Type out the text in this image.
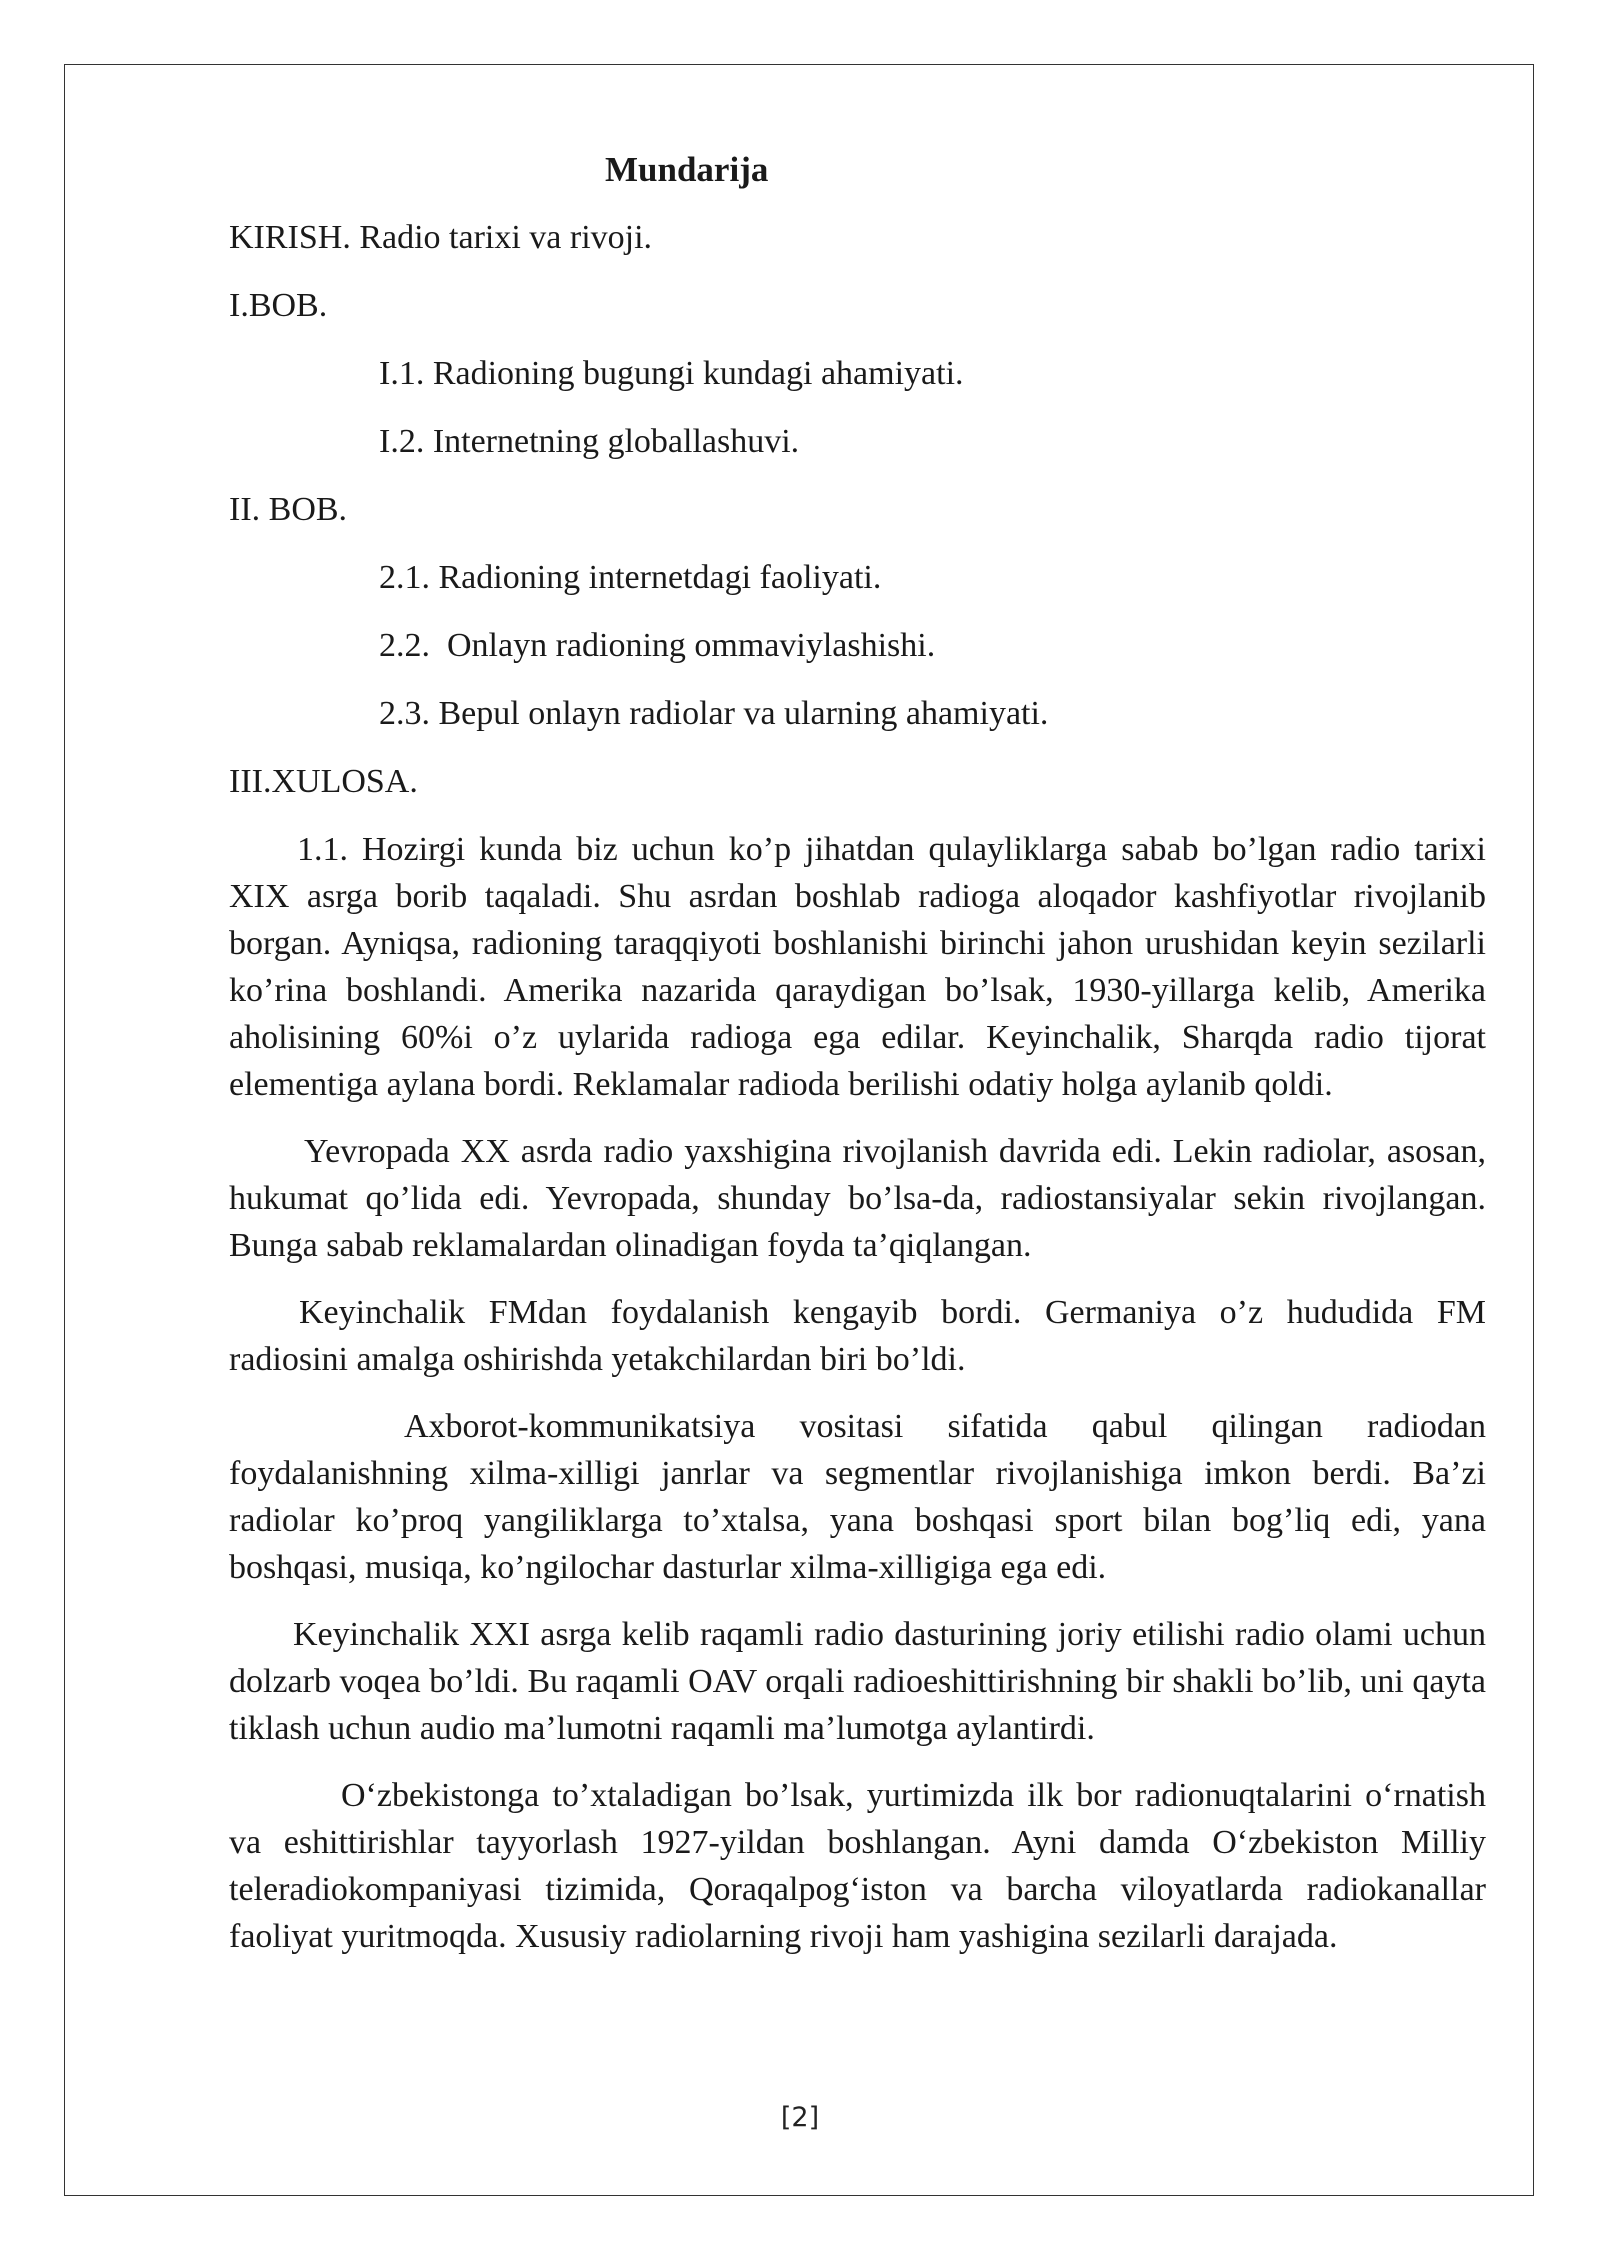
Mundarija
KIRISH. Radio tarixi va rivoji.
I.BOB.
I.1. Radioning bugungi kundagi ahamiyati.
I.2. Internetning globallashuvi.
II. BOB.
2.1. Radioning internetdagi faoliyati.
2.2.  Onlayn radioning ommaviylashishi.
2.3. Bepul onlayn radiolar va ularning ahamiyati.
III.XULOSA.

1.1. Hozirgi kunda biz uchun ko’p jihatdan qulayliklarga sabab bo’lgan radio tarixi XIX asrga borib taqaladi. Shu asrdan boshlab radioga aloqador kashfiyotlar rivojlanib borgan. Ayniqsa, radioning taraqqiyoti boshlanishi birinchi jahon urushidan keyin sezilarli ko’rina boshlandi. Amerika nazarida qaraydigan bo’lsak, 1930-yillarga kelib, Amerika aholisining 60%i o’z uylarida radioga ega edilar. Keyinchalik, Sharqda radio tijorat elementiga aylana bordi. Reklamalar radioda berilishi odatiy holga aylanib qoldi.

Yevropada XX asrda radio yaxshigina rivojlanish davrida edi. Lekin radiolar, asosan, hukumat qo’lida edi. Yevropada, shunday bo’lsa-da, radiostansiyalar sekin rivojlangan. Bunga sabab reklamalardan olinadigan foyda ta’qiqlangan.

Keyinchalik FMdan foydalanish kengayib bordi. Germaniya o’z hududida FM radiosini amalga oshirishda yetakchilardan biri bo’ldi.

Axborot-kommunikatsiya vositasi sifatida qabul qilingan radiodan foydalanishning xilma-xilligi janrlar va segmentlar rivojlanishiga imkon berdi. Ba’zi radiolar ko’proq yangiliklarga to’xtalsa, yana boshqasi sport bilan bog’liq edi, yana boshqasi, musiqa, ko’ngilochar dasturlar xilma-xilligiga ega edi.

Keyinchalik XXI asrga kelib raqamli radio dasturining joriy etilishi radio olami uchun dolzarb voqea bo’ldi. Bu raqamli OAV orqali radioeshittirishning bir shakli bo’lib, uni qayta tiklash uchun audio ma’lumotni raqamli ma’lumotga aylantirdi.

O‘zbekistonga to’xtaladigan bo’lsak, yurtimizda ilk bor radionuqtalarini o‘rnatish va eshittirishlar tayyorlash 1927-yildan boshlangan. Ayni damda O‘zbekiston Milliy teleradiokompaniyasi tizimida, Qoraqalpog‘iston va barcha viloyatlarda radiokanallar faoliyat yuritmoqda. Xususiy radiolarning rivoji ham yashigina sezilarli darajada.

[2]
